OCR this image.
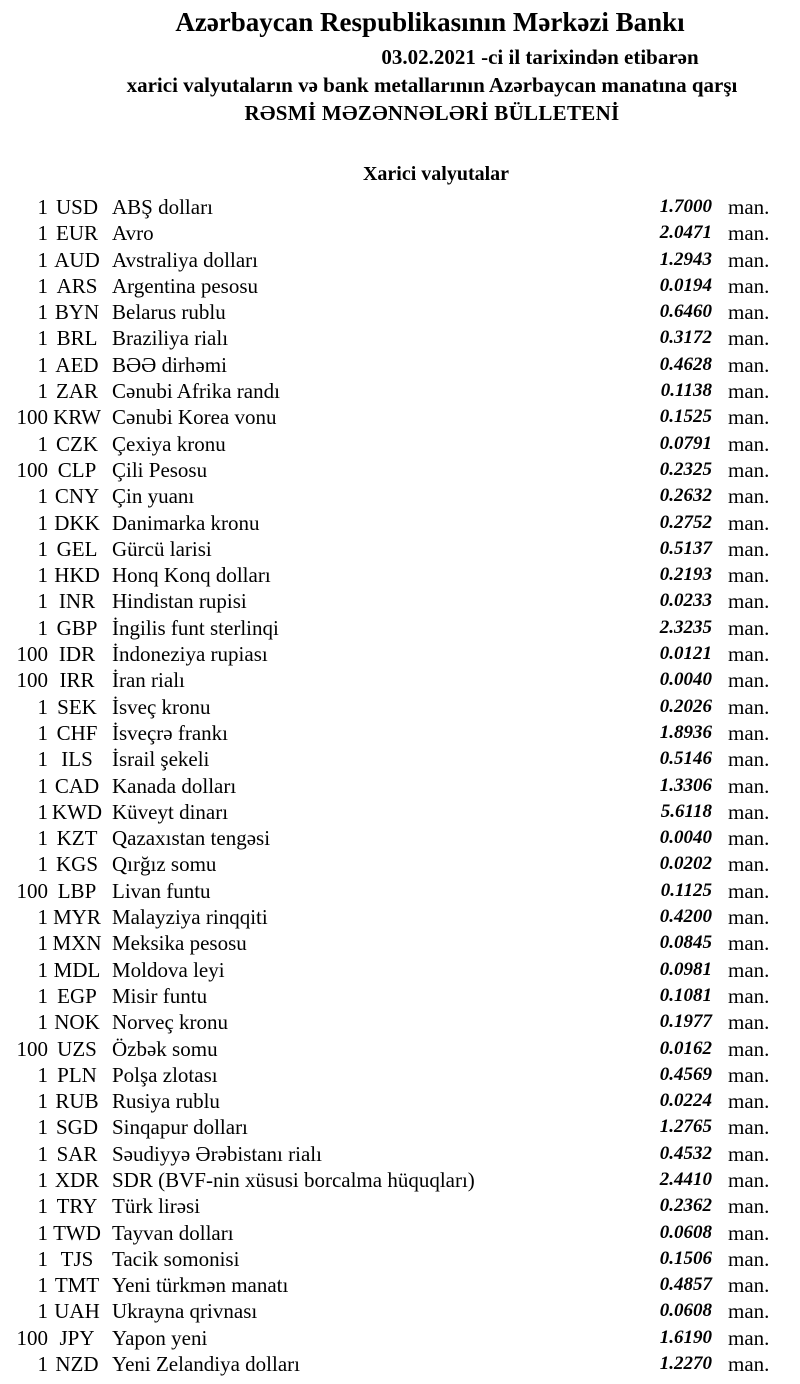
Azərbaycan Respublikasının Mərkəzi Bankı
03.02.2021 -ci il tarixindən etibarən
xarici valyutaların və bank metallarının Azərbaycan manatına qarşı
RƏSMİ MƏZƏNNƏLƏRİ BÜLLETENİ
Xarici valyutalar
1 USD ABŞ dolları	1.7000 man.
1 EUR Avro	2.0471 man.
1 AUD Avstraliya dolları	1.2943 man.
1 ARS Argentina pesosu	0.0194 man.
1 BYN Belarus rublu	0.6460 man.
1 BRL Braziliya rialı	0.3172 man.
1 AED BƏƏ dirhəmi	0.4628 man.
1 ZAR Cənubi Afrika randı	0.1138 man.
100 KRW Cənubi Korea vonu	0.1525 man.
1 CZK Çexiya kronu	0.0791 man.
100 CLP Çili Pesosu	0.2325 man.
1 CNY Çin yuanı	0.2632 man.
1 DKK Danimarka kronu	0.2752 man.
1 GEL Gürcü larisi	0.5137 man.
1 HKD Honq Konq dolları	0.2193 man.
1 INR Hindistan rupisi	0.0233 man.
1 GBP İngilis funt sterlinqi	2.3235 man.
100 IDR İndoneziya rupiası	0.0121 man.
100 IRR İran rialı	0.0040 man.
1 SEK İsveç kronu	0.2026 man.
1 CHF İsveçrə frankı	1.8936 man.
1 ILS İsrail şekeli	0.5146 man.
1 CAD Kanada dolları	1.3306 man.
1 KWD Küveyt dinarı	5.6118 man.
1 KZT Qazaxıstan tengəsi	0.0040 man.
1 KGS Qırğız somu	0.0202 man.
100 LBP Livan funtu	0.1125 man.
1 MYR Malayziya rinqqiti	0.4200 man.
1 MXN Meksika pesosu	0.0845 man.
1 MDL Moldova leyi	0.0981 man.
1 EGP Misir funtu	0.1081 man.
1 NOK Norveç kronu	0.1977 man.
100 UZS Özbək somu	0.0162 man.
1 PLN Polşa zlotası	0.4569 man.
1 RUB Rusiya rublu	0.0224 man.
1 SGD Sinqapur dolları	1.2765 man.
1 SAR Səudiyyə Ərəbistanı rialı	0.4532 man.
1 XDR SDR (BVF-nin xüsusi borcalma hüquqları)	2.4410 man.
1 TRY Türk lirəsi	0.2362 man.
1 TWD Tayvan dolları	0.0608 man.
1 TJS Tacik somonisi	0.1506 man.
1 TMT Yeni türkmən manatı	0.4857 man.
1 UAH Ukrayna qrivnası	0.0608 man.
100 JPY Yapon yeni	1.6190 man.
1 NZD Yeni Zelandiya dolları	1.2270 man.
